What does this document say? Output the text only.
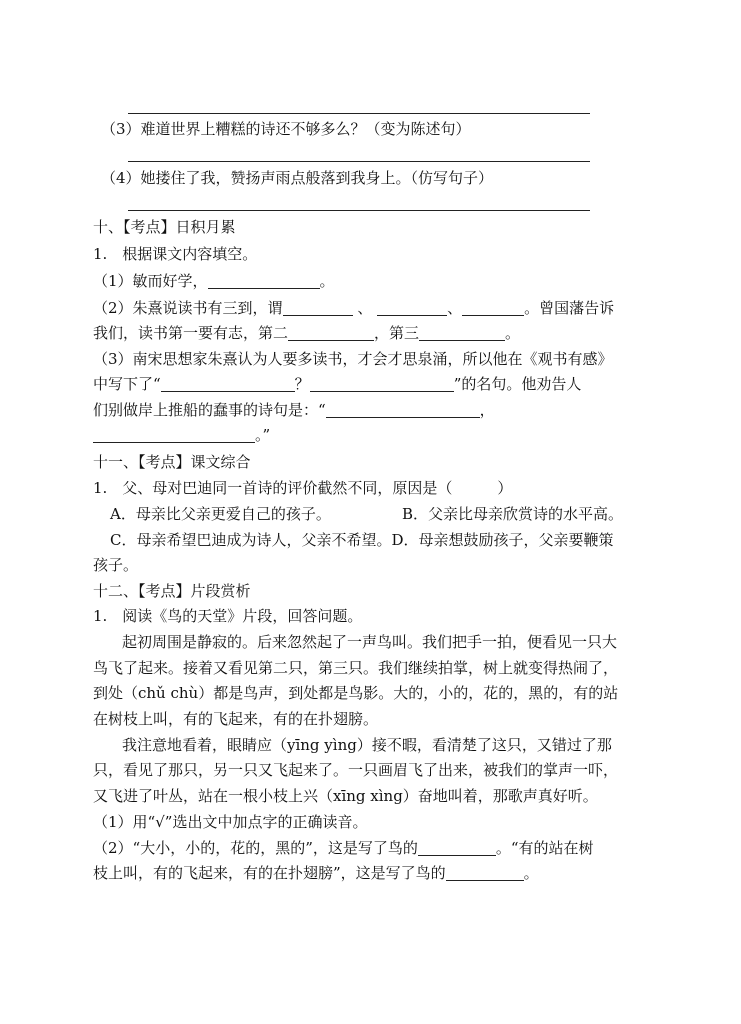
（3）难道世界上糟糕的诗还不够多么？（变为陈述句）
（4）她搂住了我，赞扬声雨点般落到我身上。（仿写句子）
十、【考点】日积月累
1.　根据课文内容填空。
（1）敏而好学，	。
（2）朱熹说读书有三到，谓	、	、	。曾国藩告诉
我们，读书第一要有志，第二	，第三	。
（3）南宋思想家朱熹认为人要多读书，才会才思泉涌，所以他在《观书有感》
中写下了“	？	”的名句。他劝告人
们别做岸上推船的蠢事的诗句是：“	，
。”
十一、【考点】课文综合
1.　父、母对巴迪同一首诗的评价截然不同，原因是（　　　）
A．母亲比父亲更爱自己的孩子。	B．父亲比母亲欣赏诗的水平高。
C．母亲希望巴迪成为诗人，父亲不希望。D．母亲想鼓励孩子，父亲要鞭策
孩子。
十二、【考点】片段赏析
1.　阅读《鸟的天堂》片段，回答问题。
起初周围是静寂的。后来忽然起了一声鸟叫。我们把手一拍，便看见一只大
鸟飞了起来。接着又看见第二只，第三只。我们继续拍掌，树上就变得热闹了，
到处（chǔ chù）都是鸟声，到处都是鸟影。大的，小的，花的，黑的，有的站
在树枝上叫，有的飞起来，有的在扑翅膀。
我注意地看着，眼睛应（yīng yìng）接不暇，看清楚了这只，又错过了那
只，看见了那只，另一只又飞起来了。一只画眉飞了出来，被我们的掌声一吓，
又飞进了叶丛，站在一根小枝上兴（xīng xìng）奋地叫着，那歌声真好听。
（1）用“√”选出文中加点字的正确读音。
（2）“大小，小的，花的，黑的”，这是写了鸟的	。“有的站在树
枝上叫，有的飞起来，有的在扑翅膀”，这是写了鸟的	。
